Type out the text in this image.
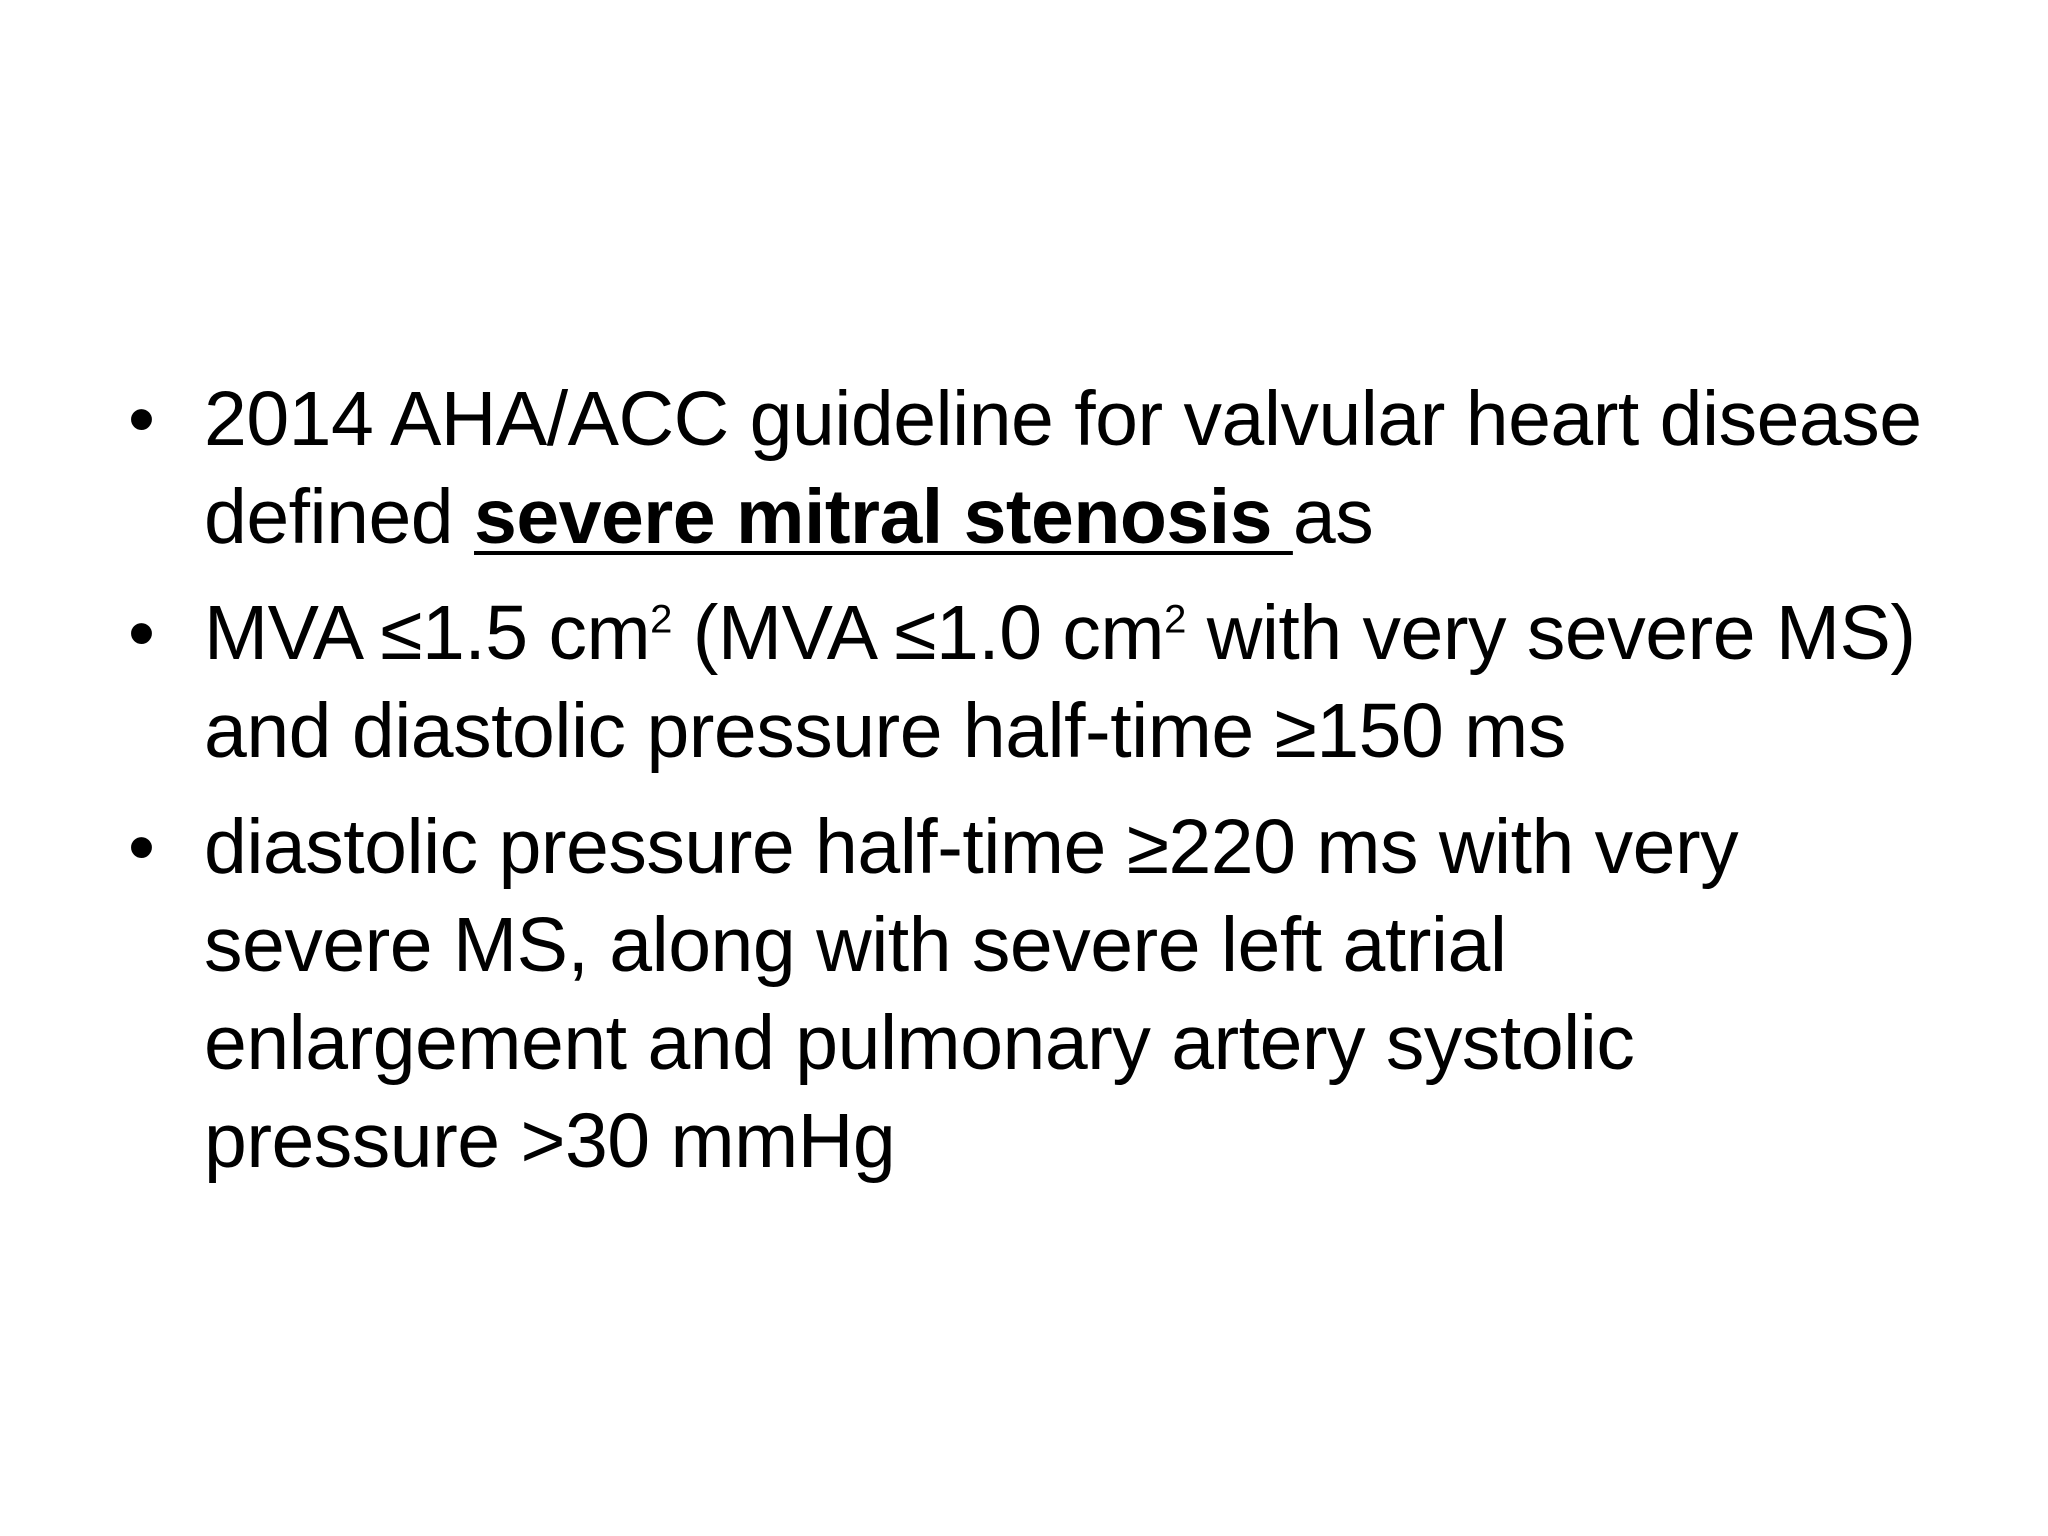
• 2014 AHA/ACC guideline for valvular heart disease defined severe mitral stenosis as
• MVA ≤1.5 $cm^2$ (MVA ≤1.0 $cm^2$ with very severe MS) and diastolic pressure half-time ≥150 ms
• diastolic pressure half-time ≥220 ms with very severe MS, along with severe left atrial enlargement and pulmonary artery systolic pressure >30 mmHg
